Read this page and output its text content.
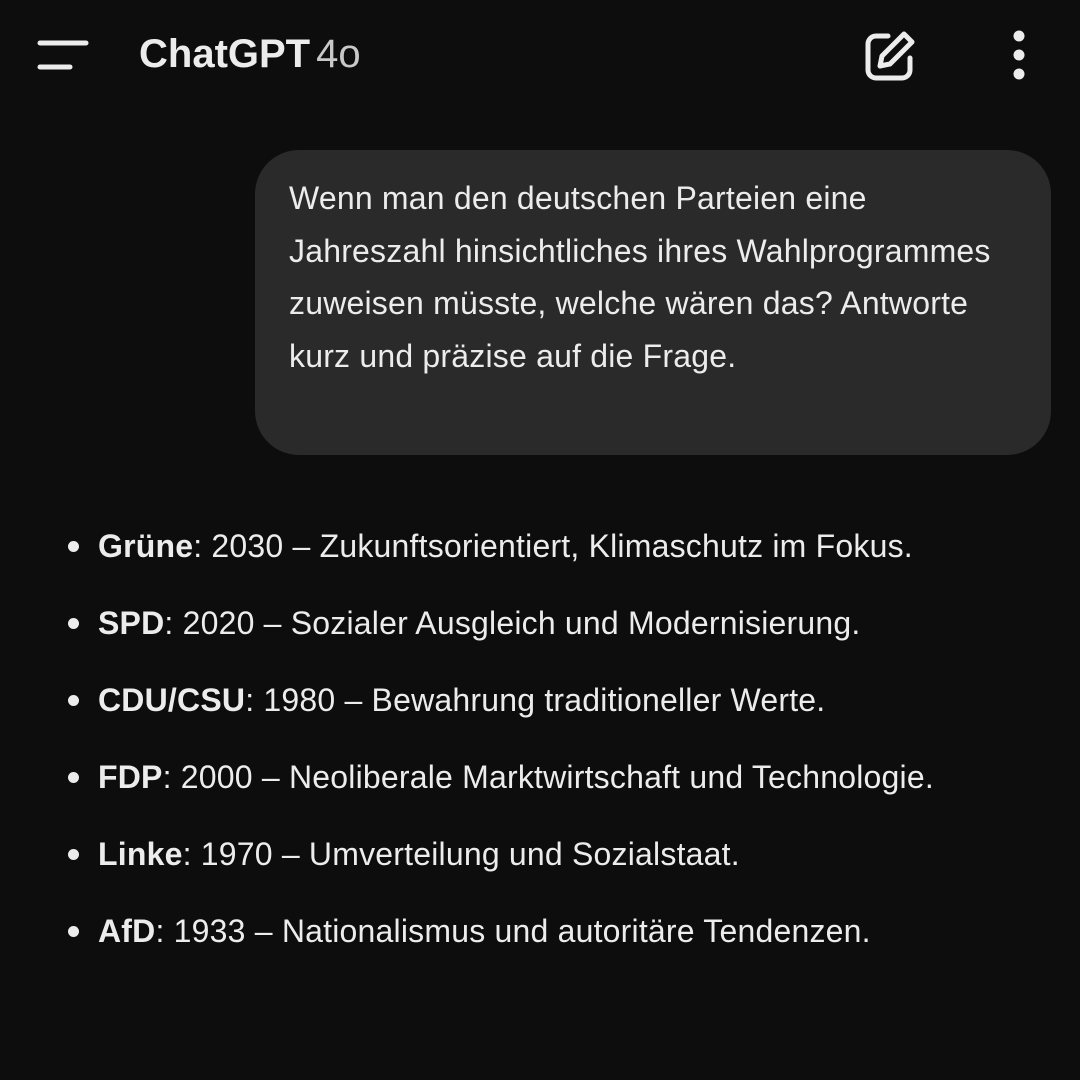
ChatGPT 4o
Wenn man den deutschen Parteien eine Jahreszahl hinsichtliches ihres Wahlprogrammes zuweisen müsste, welche wären das? Antworte kurz und präzise auf die Frage.
Grüne: 2030 – Zukunftsorientiert, Klimaschutz im Fokus.
SPD: 2020 – Sozialer Ausgleich und Modernisierung.
CDU/CSU: 1980 – Bewahrung traditioneller Werte.
FDP: 2000 – Neoliberale Marktwirtschaft und Technologie.
Linke: 1970 – Umverteilung und Sozialstaat.
AfD: 1933 – Nationalismus und autoritäre Tendenzen.
